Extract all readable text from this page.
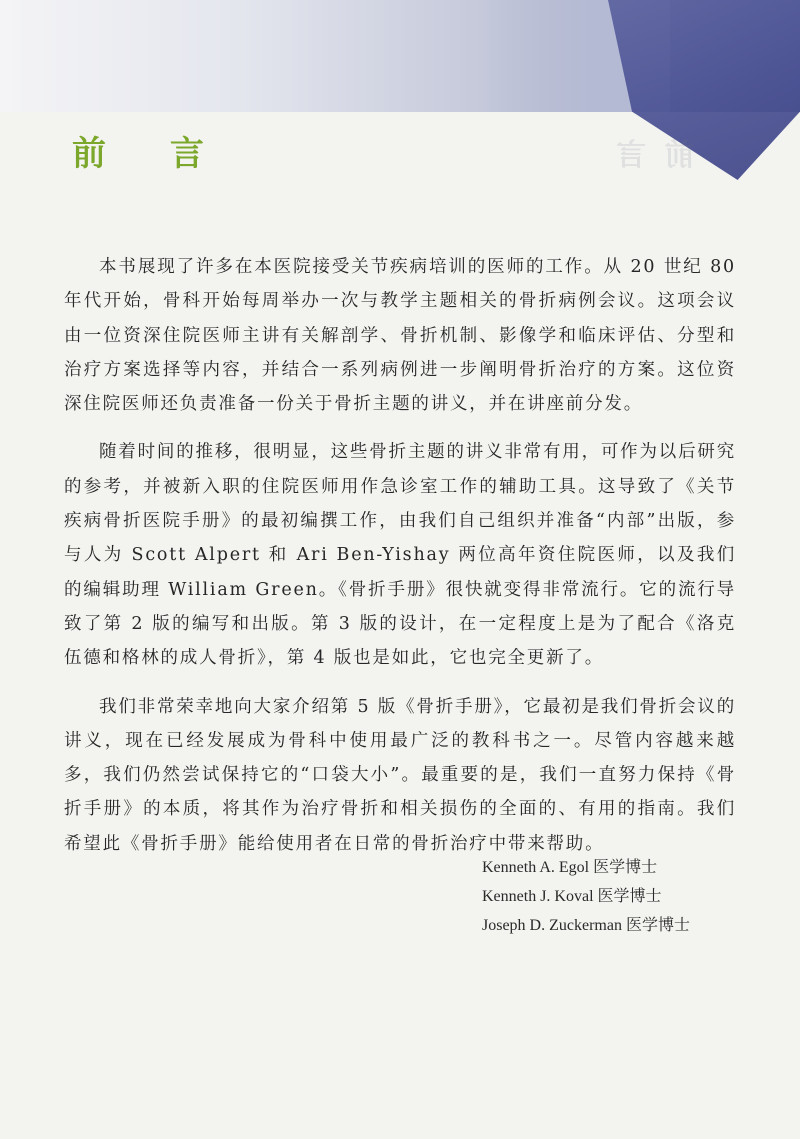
前 言	前 言

本书展现了许多在本医院接受关节疾病培训的医师的工作。从 20 世纪 80 年代开始，骨科开始每周举办一次与教学主题相关的骨折病例会议。这项会议由一位资深住院医师主讲有关解剖学、骨折机制、影像学和临床评估、分型和治疗方案选择等内容，并结合一系列病例进一步阐明骨折治疗的方案。这位资深住院医师还负责准备一份关于骨折主题的讲义，并在讲座前分发。

随着时间的推移，很明显，这些骨折主题的讲义非常有用，可作为以后研究的参考，并被新入职的住院医师用作急诊室工作的辅助工具。这导致了《关节疾病骨折医院手册》的最初编撰工作，由我们自己组织并准备“内部”出版，参与人为 Scott Alpert 和 Ari Ben-Yishay 两位高年资住院医师，以及我们的编辑助理 William Green。《骨折手册》很快就变得非常流行。它的流行导致了第 2 版的编写和出版。第 3 版的设计，在一定程度上是为了配合《洛克伍德和格林的成人骨折》，第 4 版也是如此，它也完全更新了。

我们非常荣幸地向大家介绍第 5 版《骨折手册》，它最初是我们骨折会议的讲义，现在已经发展成为骨科中使用最广泛的教科书之一。尽管内容越来越多，我们仍然尝试保持它的“口袋大小”。最重要的是，我们一直努力保持《骨折手册》的本质，将其作为治疗骨折和相关损伤的全面的、有用的指南。我们希望此《骨折手册》能给使用者在日常的骨折治疗中带来帮助。

Kenneth A. Egol 医学博士
Kenneth J. Koval 医学博士
Joseph D. Zuckerman 医学博士
